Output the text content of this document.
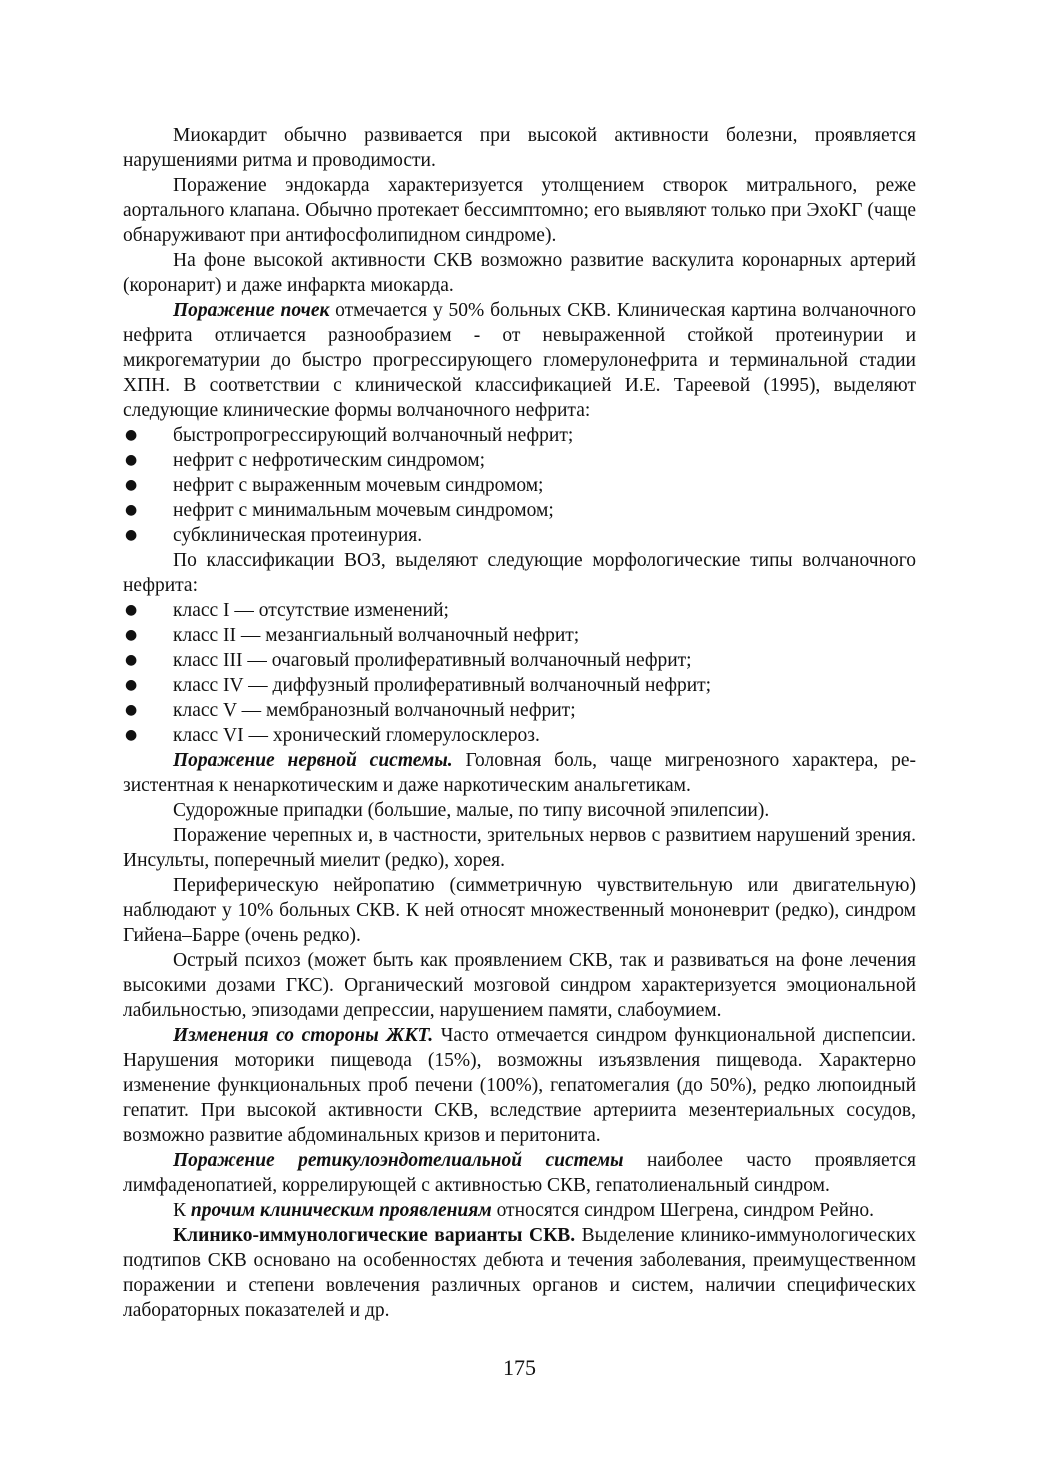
Миокардит обычно развивается при высокой активности болезни, проявляется нарушениями ритма и проводимости.

Поражение эндокарда характеризуется утолщением створок митрального, реже аортального клапана. Обычно протекает бессимптомно; его выявляют только при ЭхоКГ (чаще обнаруживают при антифосфолипидном синдроме).

На фоне высокой активности СКВ возможно развитие васкулита коронарных артерий (коронарит) и даже инфаркта миокарда.

Поражение почек отмечается у 50% больных СКВ. Клиническая картина волчаночного нефрита отличается разнообразием - от невыраженной стойкой протеинурии и микрогематурии до быстро прогрессирующего гломерулонефрита и терминальной стадии ХПН. В соответствии с клинической классификацией И.Е. Тареевой (1995), выделяют следующие клинические формы волчаночного нефрита:

● быстропрогрессирующий волчаночный нефрит;
● нефрит с нефротическим синдромом;
● нефрит с выраженным мочевым синдромом;
● нефрит с минимальным мочевым синдромом;
● субклиническая протеинурия.

По классификации ВОЗ, выделяют следующие морфологические типы волчаночного нефрита:

● класс I — отсутствие изменений;
● класс II — мезангиальный волчаночный нефрит;
● класс III — очаговый пролиферативный волчаночный нефрит;
● класс IV — диффузный пролиферативный волчаночный нефрит;
● класс V — мембранозный волчаночный нефрит;
● класс VI — хронический гломерулосклероз.

Поражение нервной системы. Головная боль, чаще мигренозного характера, резистентная к ненаркотическим и даже наркотическим анальгетикам.

Судорожные припадки (большие, малые, по типу височной эпилепсии).

Поражение черепных и, в частности, зрительных нервов с развитием нарушений зрения. Инсульты, поперечный миелит (редко), хорея.

Периферическую нейропатию (симметричную чувствительную или двигательную) наблюдают у 10% больных СКВ. К ней относят множественный мононеврит (редко), синдром Гийена–Барре (очень редко).

Острый психоз (может быть как проявлением СКВ, так и развиваться на фоне лечения высокими дозами ГКС). Органический мозговой синдром характеризуется эмоциональной лабильностью, эпизодами депрессии, нарушением памяти, слабоумием.

Изменения со стороны ЖКТ. Часто отмечается синдром функциональной диспепсии. Нарушения моторики пищевода (15%), возможны изъязвления пищевода. Характерно изменение функциональных проб печени (100%), гепатомегалия (до 50%), редко люпоидный гепатит. При высокой активности СКВ, вследствие артериита мезентериальных сосудов, возможно развитие абдоминальных кризов и перитонита.

Поражение ретикулоэндотелиальной системы наиболее часто проявляется лимфаденопатией, коррелирующей с активностью СКВ, гепатолиенальный синдром.

К прочим клиническим проявлениям относятся синдром Шегрена, синдром Рейно.

Клинико-иммунологические варианты СКВ. Выделение клинико-иммунологических подтипов СКВ основано на особенностях дебюта и течения заболевания, преимущественном поражении и степени вовлечения различных органов и систем, наличии специфических лабораторных показателей и др.

175
